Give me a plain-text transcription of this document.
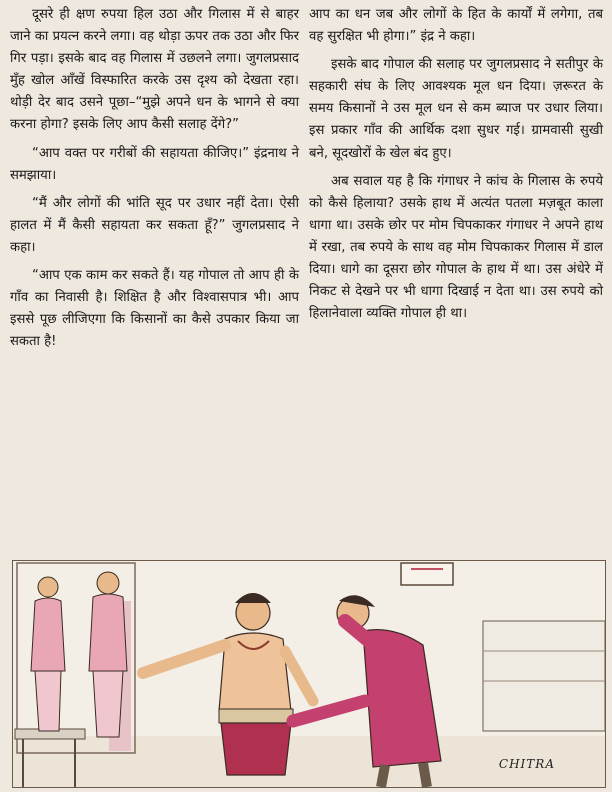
दूसरे ही क्षण रुपया हिल उठा और गिलास में से बाहर जाने का प्रयत्न करने लगा। वह थोड़ा ऊपर तक उठा और फिर गिर पड़ा। इसके बाद वह गिलास में उछलने लगा। जुगलप्रसाद मुँह खोल आँखें विस्फारित करके उस दृश्य को देखता रहा। थोड़ी देर बाद उसने पूछा–“मुझे अपने धन के भागने से क्या करना होगा? इसके लिए आप कैसी सलाह देंगे?”

“आप वक्त पर गरीबों की सहायता कीजिए।” इंद्रनाथ ने समझाया।

“मैं और लोगों की भांति सूद पर उधार नहीं देता। ऐसी हालत में मैं कैसी सहायता कर सकता हूँ?” जुगलप्रसाद ने कहा।

“आप एक काम कर सकते हैं। यह गोपाल तो आप ही के गाँव का निवासी है। शिक्षित है और विश्वासपात्र भी। आप इससे पूछ लीजिएगा कि किसानों का कैसे उपकार किया जा सकता है!

आप का धन जब और लोगों के हित के कार्यों में लगेगा, तब वह सुरक्षित भी होगा।” इंद्र ने कहा।

इसके बाद गोपाल की सलाह पर जुगलप्रसाद ने सतीपुर के सहकारी संघ के लिए आवश्यक मूल धन दिया। ज़रूरत के समय किसानों ने उस मूल धन से कम ब्याज पर उधार लिया। इस प्रकार गाँव की आर्थिक दशा सुधर गई। ग्रामवासी सुखी बने, सूदखोरों के खेल बंद हुए।

अब सवाल यह है कि गंगाधर ने कांच के गिलास के रुपये को कैसे हिलाया? उसके हाथ में अत्यंत पतला मज़बूत काला धागा था। उसके छोर पर मोम चिपकाकर गंगाधर ने अपने हाथ में रखा, तब रुपये के साथ वह मोम चिपकाकर गिलास में डाल दिया। धागे का दूसरा छोर गोपाल के हाथ में था। उस अंधेरे में निकट से देखने पर भी धागा दिखाई न देता था। उस रुपये को हिलानेवाला व्यक्ति गोपाल ही था।

CHITRA
